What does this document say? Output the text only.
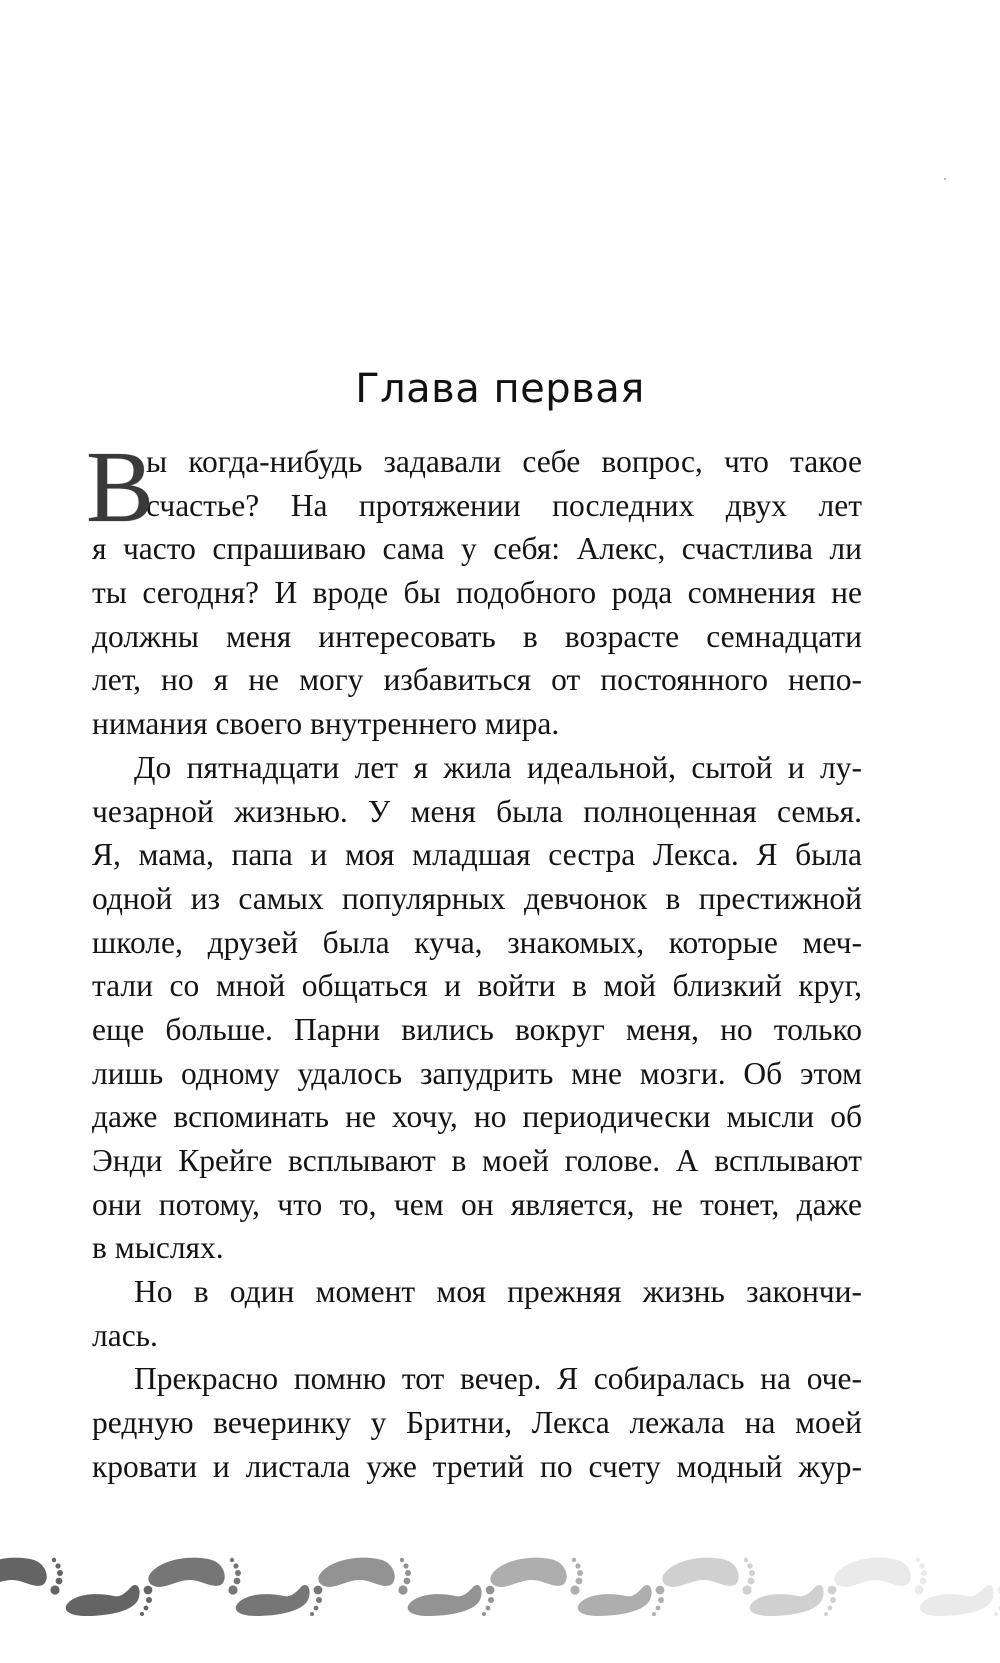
Глава первая
В
ы когда-нибудь задавали себе вопрос, что такое
счастье? На протяжении последних двух лет
я часто спрашиваю сама у себя: Алекс, счастлива ли
ты сегодня? И вроде бы подобного рода сомнения не
должны меня интересовать в возрасте семнадцати
лет, но я не могу избавиться от постоянного непо-
нимания своего внутреннего мира.
До пятнадцати лет я жила идеальной, сытой и лу-
чезарной жизнью. У меня была полноценная семья.
Я, мама, папа и моя младшая сестра Лекса. Я была
одной из самых популярных девчонок в престижной
школе, друзей была куча, знакомых, которые меч-
тали со мной общаться и войти в мой близкий круг,
еще больше. Парни вились вокруг меня, но только
лишь одному удалось запудрить мне мозги. Об этом
даже вспоминать не хочу, но периодически мысли об
Энди Крейге всплывают в моей голове. А всплывают
они потому, что то, чем он является, не тонет, даже
в мыслях.
Но в один момент моя прежняя жизнь закончи-
лась.
Прекрасно помню тот вечер. Я собиралась на оче-
редную вечеринку у Бритни, Лекса лежала на моей
кровати и листала уже третий по счету модный жур-
